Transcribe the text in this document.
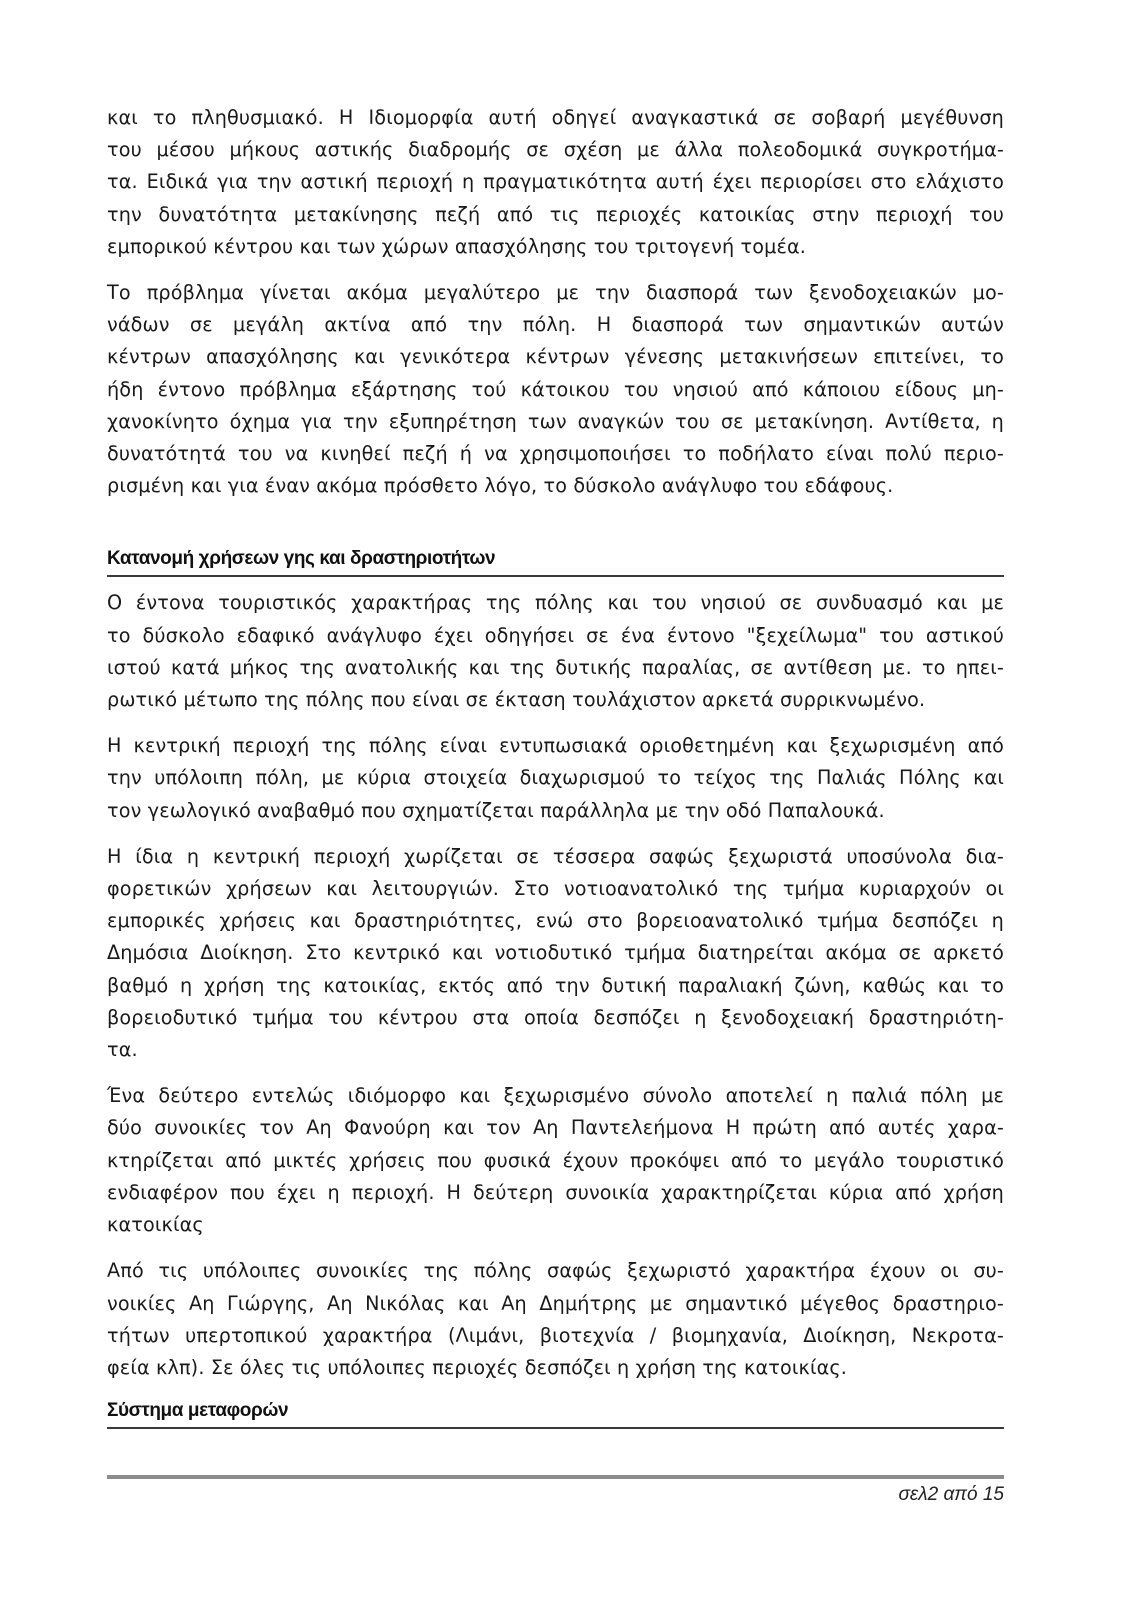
και το πληθυσμιακό. Η Ιδιομορφία αυτή οδηγεί αναγκαστικά σε σοβαρή μεγέθυνση
του μέσου μήκους αστικής διαδρομής σε σχέση με άλλα πολεοδομικά συγκροτήμα-
τα. Ειδικά για την αστική περιοχή η πραγματικότητα αυτή έχει περιορίσει στο ελάχιστο
την δυνατότητα μετακίνησης πεζή από τις περιοχές κατοικίας στην περιοχή του
εμπορικού κέντρου και των χώρων απασχόλησης του τριτογενή τομέα.

Το πρόβλημα γίνεται ακόμα μεγαλύτερο με την διασπορά των ξενοδοχειακών μο-
νάδων σε μεγάλη ακτίνα από την πόλη. Η διασπορά των σημαντικών αυτών
κέντρων απασχόλησης και γενικότερα κέντρων γένεσης μετακινήσεων επιτείνει, το
ήδη έντονο πρόβλημα εξάρτησης τού κάτοικου του νησιού από κάποιου είδους μη-
χανοκίνητο όχημα για την εξυπηρέτηση των αναγκών του σε μετακίνηση. Αντίθετα, η
δυνατότητά του να κινηθεί πεζή ή να χρησιμοποιήσει το ποδήλατο είναι πολύ περιο-
ρισμένη και για έναν ακόμα πρόσθετο λόγο, το δύσκολο ανάγλυφο του εδάφους.

Κατανομή χρήσεων γης και δραστηριοτήτων

Ο έντονα τουριστικός χαρακτήρας της πόλης και του νησιού σε συνδυασμό και με
το δύσκολο εδαφικό ανάγλυφο έχει οδηγήσει σε ένα έντονο "ξεχείλωμα" του αστικού
ιστού κατά μήκος της ανατολικής και της δυτικής παραλίας, σε αντίθεση με. το ηπει-
ρωτικό μέτωπο της πόλης που είναι σε έκταση τουλάχιστον αρκετά συρρικνωμένο.

Η κεντρική περιοχή της πόλης είναι εντυπωσιακά οριοθετημένη και ξεχωρισμένη από
την υπόλοιπη πόλη, με κύρια στοιχεία διαχωρισμού το τείχος της Παλιάς Πόλης και
τον γεωλογικό αναβαθμό που σχηματίζεται παράλληλα με την οδό Παπαλουκά.

Η ίδια η κεντρική περιοχή χωρίζεται σε τέσσερα σαφώς ξεχωριστά υποσύνολα δια-
φορετικών χρήσεων και λειτουργιών. Στο νοτιοανατολικό της τμήμα κυριαρχούν οι
εμπορικές χρήσεις και δραστηριότητες, ενώ στο βορειοανατολικό τμήμα δεσπόζει η
Δημόσια Διοίκηση. Στο κεντρικό και νοτιοδυτικό τμήμα διατηρείται ακόμα σε αρκετό
βαθμό η χρήση της κατοικίας, εκτός από την δυτική παραλιακή ζώνη, καθώς και το
βορειοδυτικό τμήμα του κέντρου στα οποία δεσπόζει η ξενοδοχειακή δραστηριότη-
τα.

Ένα δεύτερο εντελώς ιδιόμορφο και ξεχωρισμένο σύνολο αποτελεί η παλιά πόλη με
δύο συνοικίες τον Αη Φανούρη και τον Αη Παντελεήμονα Η πρώτη από αυτές χαρα-
κτηρίζεται από μικτές χρήσεις που φυσικά έχουν προκόψει από το μεγάλο τουριστικό
ενδιαφέρον που έχει η περιοχή. Η δεύτερη συνοικία χαρακτηρίζεται κύρια από χρήση
κατοικίας

Από τις υπόλοιπες συνοικίες της πόλης σαφώς ξεχωριστό χαρακτήρα έχουν οι συ-
νοικίες Αη Γιώργης, Αη Νικόλας και Αη Δημήτρης με σημαντικό μέγεθος δραστηριο-
τήτων υπερτοπικού χαρακτήρα (Λιμάνι, βιοτεχνία / βιομηχανία, Διοίκηση, Νεκροτα-
φεία κλπ). Σε όλες τις υπόλοιπες περιοχές δεσπόζει η χρήση της κατοικίας.

Σύστημα μεταφορών
σελ2 από 15
